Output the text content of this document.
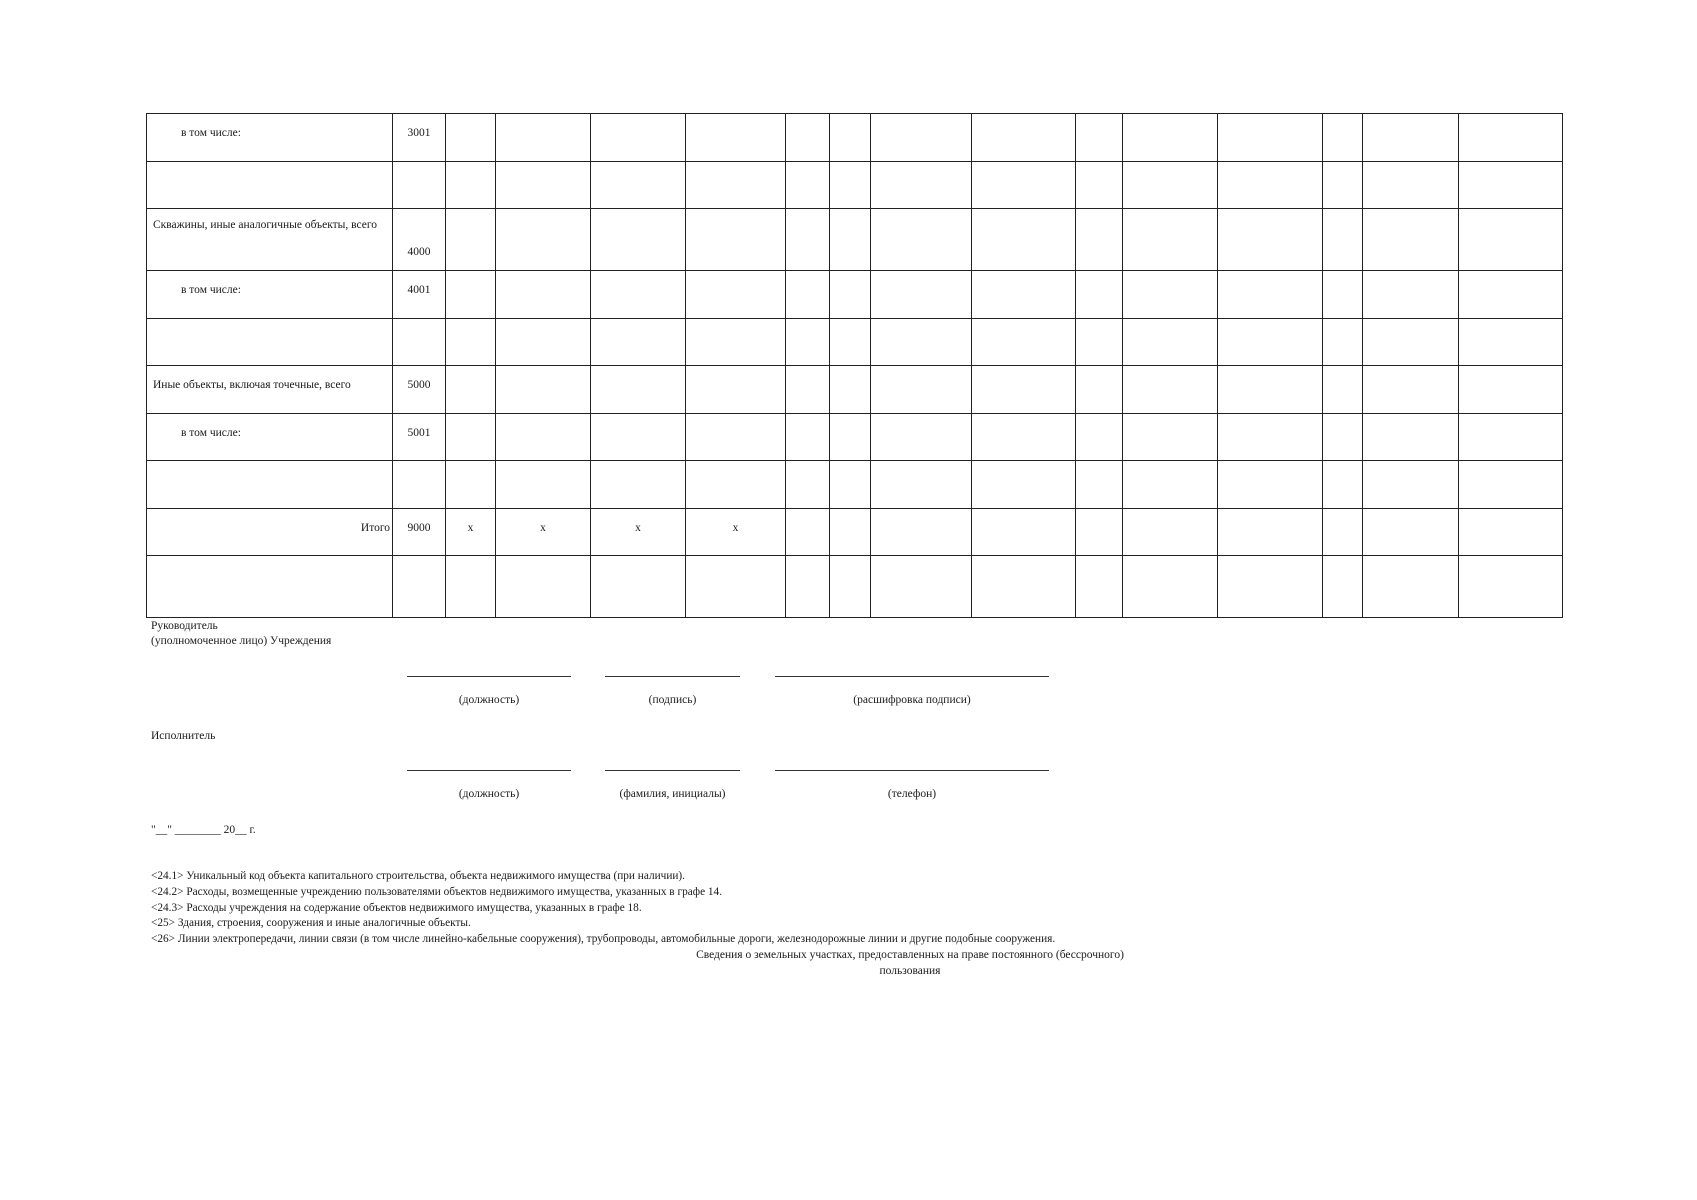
в том числе:	3001														

Скважины, иные аналогичные объекты, всего	4000														

в том числе:	4001														

Иные объекты, включая точечные, всего	5000														

в том числе:	5001														

Итого	9000	x	x	x	x										

Руководитель
(уполномоченное лицо) Учреждения
(должность)	(подпись)	(расшифровка подписи)
Исполнитель
(должность)	(фамилия, инициалы)	(телефон)
"__" ________ 20__ г.
<24.1> Уникальный код объекта капитального строительства, объекта недвижимого имущества (при наличии).
<24.2> Расходы, возмещенные учреждению пользователями объектов недвижимого имущества, указанных в графе 14.
<24.3> Расходы учреждения на содержание объектов недвижимого имущества, указанных в графе 18.
<25> Здания, строения, сооружения и иные аналогичные объекты.
<26> Линии электропередачи, линии связи (в том числе линейно-кабельные сооружения), трубопроводы, автомобильные дороги, железнодорожные линии и другие подобные сооружения.
Сведения о земельных участках, предоставленных на праве постоянного (бессрочного)
пользования
